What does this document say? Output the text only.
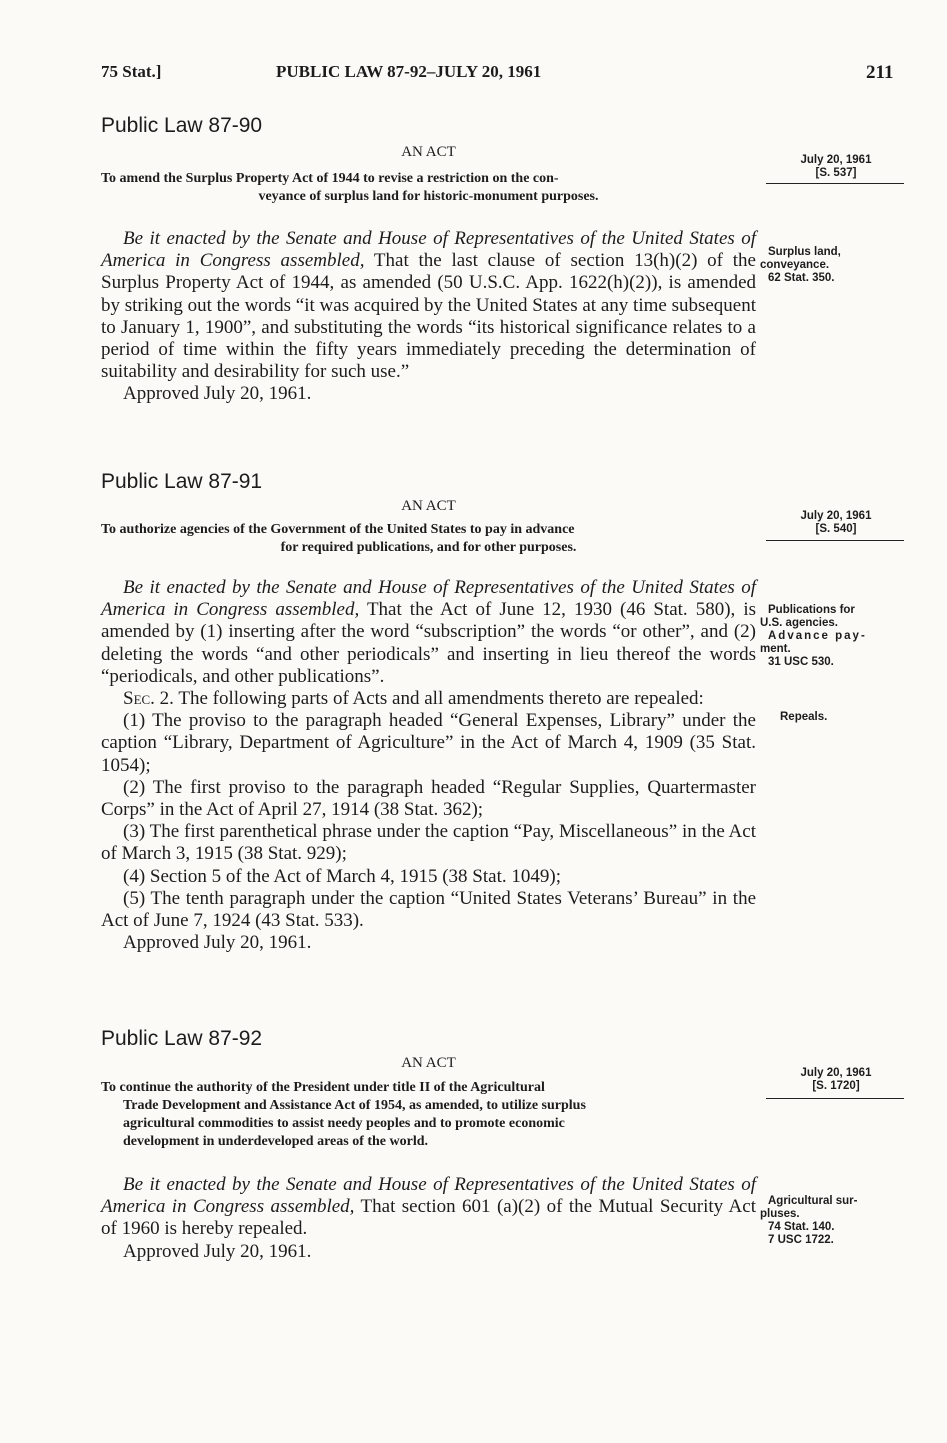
75 Stat.]	PUBLIC LAW 87-92–JULY 20, 1961	211
Public Law 87-90
AN ACT
To amend the Surplus Property Act of 1944 to revise a restriction on the con-
veyance of surplus land for historic-monument purposes.

Be it enacted by the Senate and House of Representatives of the United States of America in Congress assembled, That the last clause of section 13(h)(2) of the Surplus Property Act of 1944, as amended (50 U.S.C. App. 1622(h)(2)), is amended by striking out the words “it was acquired by the United States at any time subsequent to January 1, 1900”, and substituting the words “its historical significance relates to a period of time within the fifty years immediately preceding the determination of suitability and desirability for such use.”

Approved July 20, 1961.

July 20, 1961
[S. 537]
Surplus land,
conveyance.
62 Stat. 350.
Public Law 87-91
AN ACT
To authorize agencies of the Government of the United States to pay in advance
for required publications, and for other purposes.

Be it enacted by the Senate and House of Representatives of the United States of America in Congress assembled, That the Act of June 12, 1930 (46 Stat. 580), is amended by (1) inserting after the word “subscription” the words “or other”, and (2) deleting the words “and other periodicals” and inserting in lieu thereof the words “periodicals, and other publications”.

Sec. 2. The following parts of Acts and all amendments thereto are repealed:

(1) The proviso to the paragraph headed “General Expenses, Library” under the caption “Library, Department of Agriculture” in the Act of March 4, 1909 (35 Stat. 1054);

(2) The first proviso to the paragraph headed “Regular Supplies, Quartermaster Corps” in the Act of April 27, 1914 (38 Stat. 362);

(3) The first parenthetical phrase under the caption “Pay, Miscellaneous” in the Act of March 3, 1915 (38 Stat. 929);

(4) Section 5 of the Act of March 4, 1915 (38 Stat. 1049);

(5) The tenth paragraph under the caption “United States Veterans’ Bureau” in the Act of June 7, 1924 (43 Stat. 533).

Approved July 20, 1961.

July 20, 1961
[S. 540]
Publications for
U.S. agencies.
Advance pay-
ment.
31 USC 530.
Repeals.
Public Law 87-92
AN ACT
To continue the authority of the President under title II of the Agricultural
Trade Development and Assistance Act of 1954, as amended, to utilize surplus
agricultural commodities to assist needy peoples and to promote economic
development in underdeveloped areas of the world.

Be it enacted by the Senate and House of Representatives of the United States of America in Congress assembled, That section 601 (a)(2) of the Mutual Security Act of 1960 is hereby repealed.

Approved July 20, 1961.

July 20, 1961
[S. 1720]
Agricultural sur-
pluses.
74 Stat. 140.
7 USC 1722.
